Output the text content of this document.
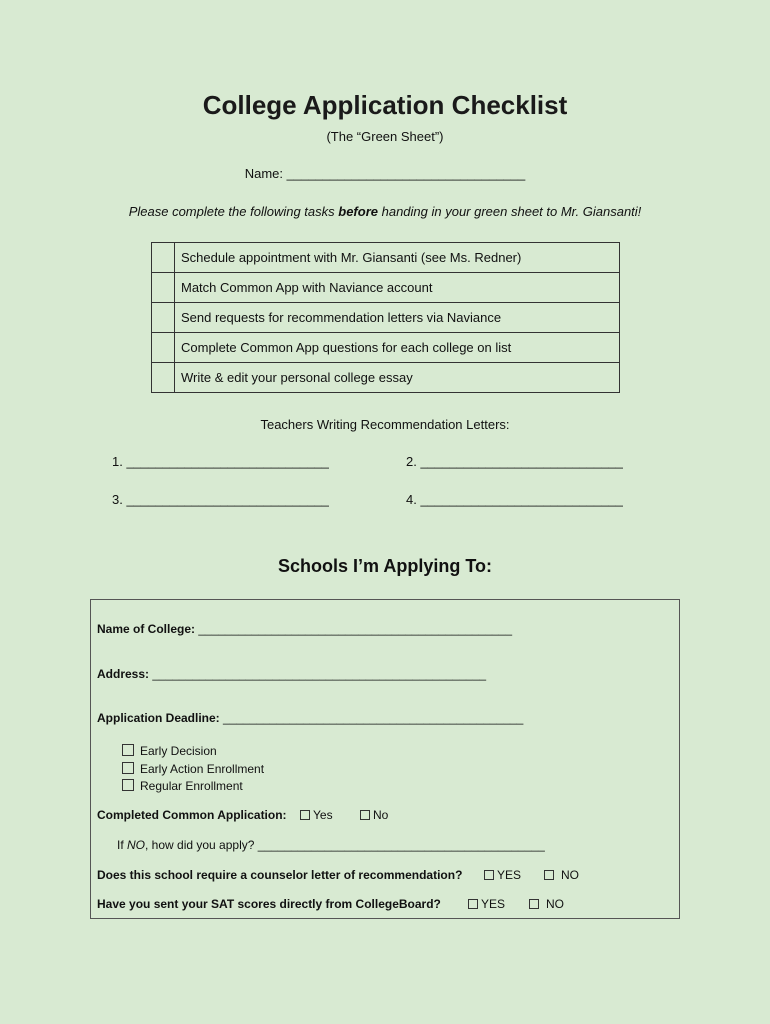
College Application Checklist
(The “Green Sheet”)
Name: _________________________________
Please complete the following tasks before handing in your green sheet to Mr. Giansanti!
	Schedule appointment with Mr. Giansanti (see Ms. Redner)
	Match Common App with Naviance account
	Send requests for recommendation letters via Naviance
	Complete Common App questions for each college on list
	Write & edit your personal college essay
Teachers Writing Recommendation Letters:
1. ____________________________	2. ____________________________
3. ____________________________	4. ____________________________
Schools I’m Applying To:
Name of College: _______________________________________________
Address: __________________________________________________
Application Deadline: _____________________________________________
Early Decision
Early Action Enrollment
Regular Enrollment
Completed Common Application:	Yes	No
If NO, how did you apply? ___________________________________________
Does this school require a counselor letter of recommendation?	YES	NO
Have you sent your SAT scores directly from CollegeBoard?	YES	NO
